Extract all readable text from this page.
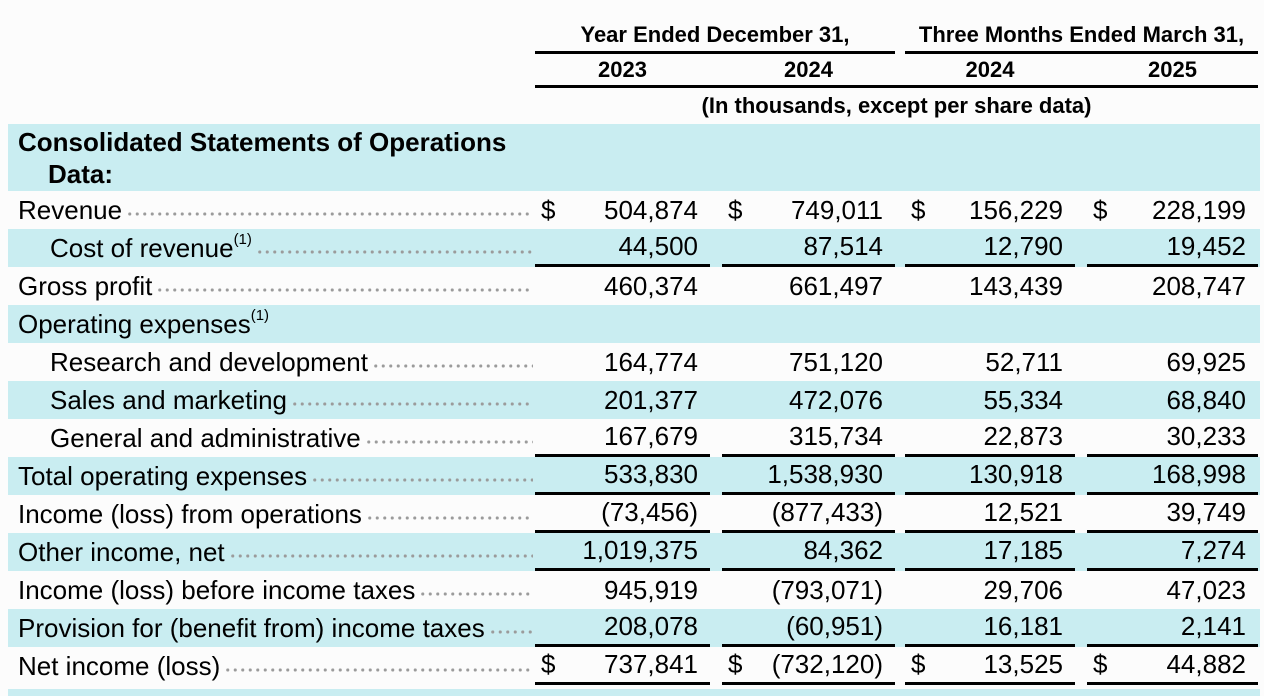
Year Ended December 31,	Three Months Ended March 31,
2023	2024	2024	2025
(In thousands, except per share data)
Consolidated Statements of Operations
Data:
Revenue	$	504,874	$	749,011	$	156,229	$	228,199
Cost of revenue (1)	44,500	87,514	12,790	19,452
Gross profit	460,374	661,497	143,439	208,747
Operating expenses (1)
Research and development	164,774	751,120	52,711	69,925
Sales and marketing	201,377	472,076	55,334	68,840
General and administrative	167,679	315,734	22,873	30,233
Total operating expenses	533,830	1,538,930	130,918	168,998
Income (loss) from operations	(73,456)	(877,433)	12,521	39,749
Other income, net	1,019,375	84,362	17,185	7,274
Income (loss) before income taxes	945,919	(793,071)	29,706	47,023
Provision for (benefit from) income taxes	208,078	(60,951)	16,181	2,141
Net income (loss)	$	737,841	$	(732,120)	$	13,525	$	44,882
